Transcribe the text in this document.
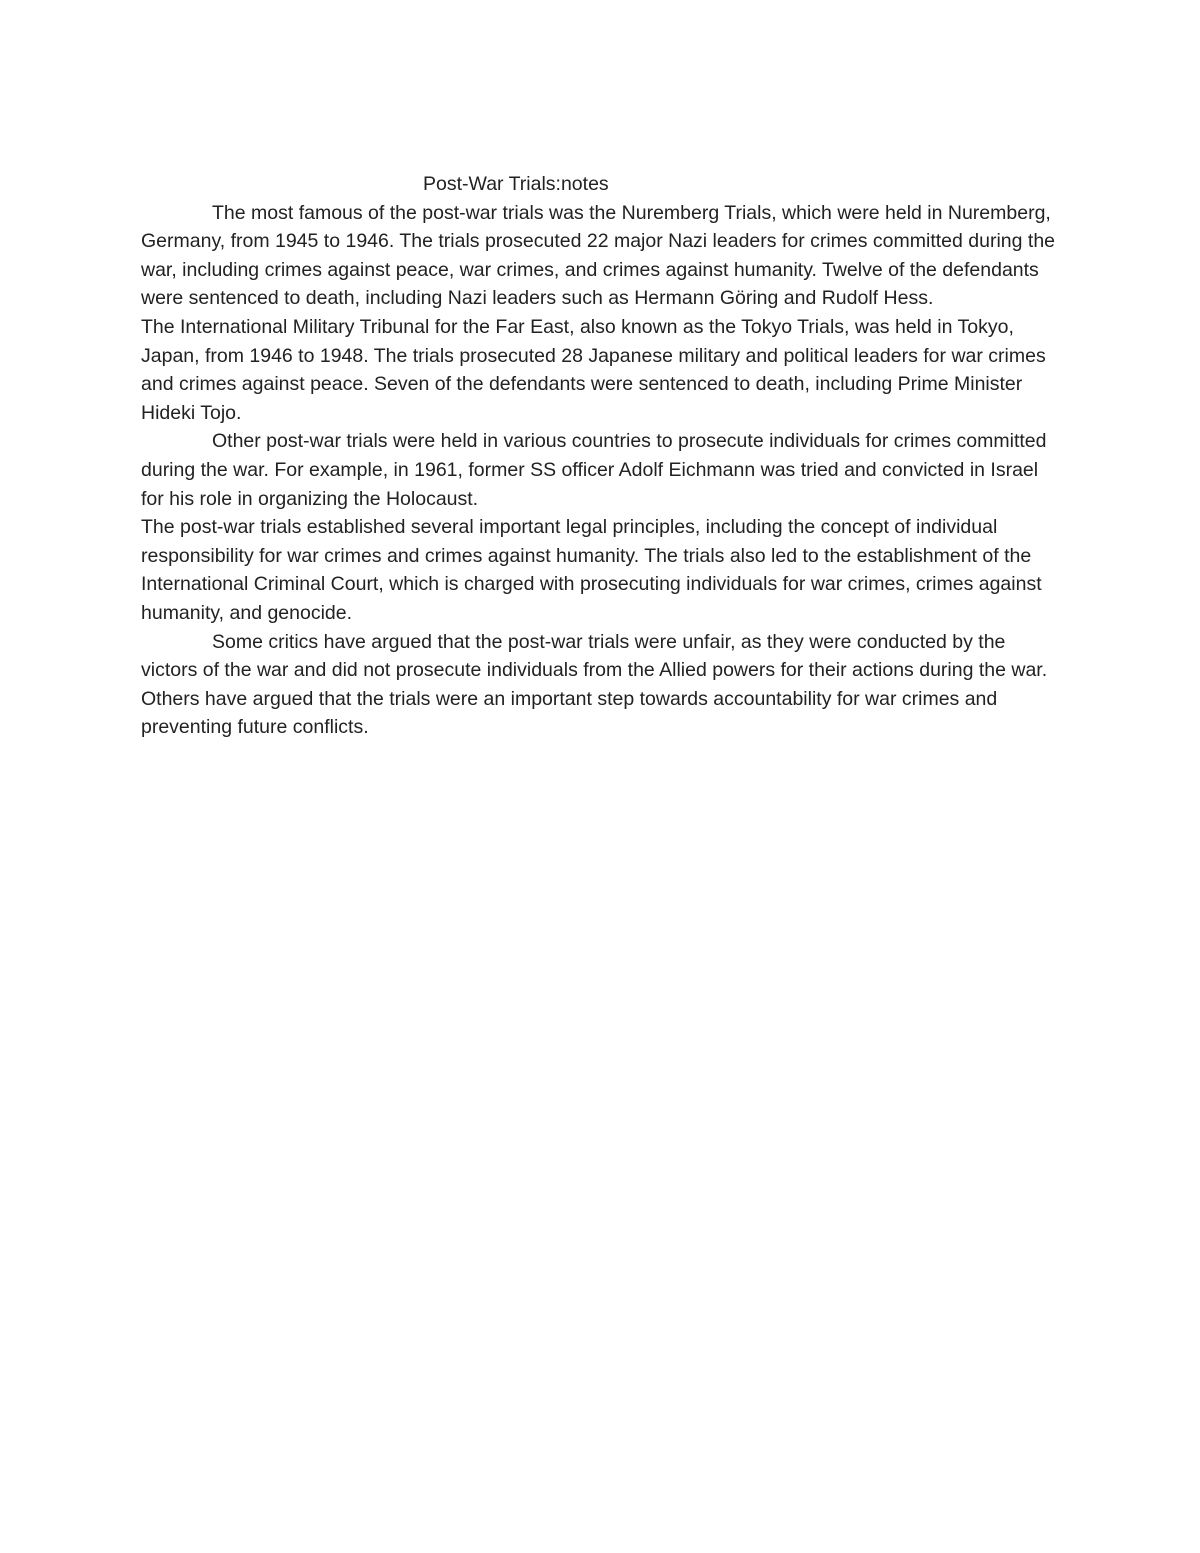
Post-War Trials:notes

The most famous of the post-war trials was the Nuremberg Trials, which were held in Nuremberg, Germany, from 1945 to 1946. The trials prosecuted 22 major Nazi leaders for crimes committed during the war, including crimes against peace, war crimes, and crimes against humanity. Twelve of the defendants were sentenced to death, including Nazi leaders such as Hermann Göring and Rudolf Hess.

The International Military Tribunal for the Far East, also known as the Tokyo Trials, was held in Tokyo, Japan, from 1946 to 1948. The trials prosecuted 28 Japanese military and political leaders for war crimes and crimes against peace. Seven of the defendants were sentenced to death, including Prime Minister Hideki Tojo.

Other post-war trials were held in various countries to prosecute individuals for crimes committed during the war. For example, in 1961, former SS officer Adolf Eichmann was tried and convicted in Israel for his role in organizing the Holocaust.

The post-war trials established several important legal principles, including the concept of individual responsibility for war crimes and crimes against humanity. The trials also led to the establishment of the International Criminal Court, which is charged with prosecuting individuals for war crimes, crimes against humanity, and genocide.

Some critics have argued that the post-war trials were unfair, as they were conducted by the victors of the war and did not prosecute individuals from the Allied powers for their actions during the war. Others have argued that the trials were an important step towards accountability for war crimes and preventing future conflicts.
